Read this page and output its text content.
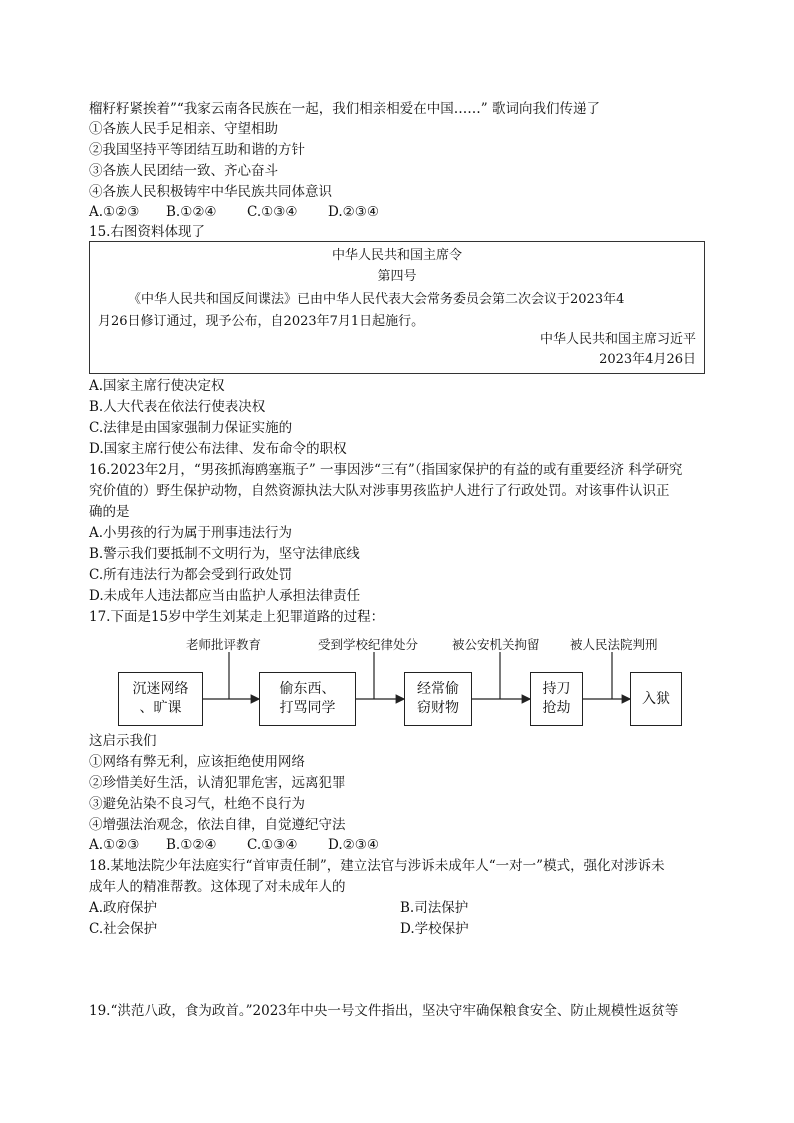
榴籽籽紧挨着”“我家云南各民族在一起，我们相亲相爱在中国……” 歌词向我们传递了
①各族人民手足相亲、守望相助
②我国坚持平等团结互助和谐的方针
③各族人民团结一致、齐心奋斗
④各族人民积极铸牢中华民族共同体意识
A.①②③ B.①②④ C.①③④ D.②③④
15.右图资料体现了
中华人民共和国主席令
第四号
《中华人民共和国反间谍法》已由中华人民代表大会常务委员会第二次会议于2023年4
月26日修订通过，现予公布，自2023年7月1日起施行。
中华人民共和国主席习近平
2023年4月26日
A.国家主席行使决定权
B.人大代表在依法行使表决权
C.法律是由国家强制力保证实施的
D.国家主席行使公布法律、发布命令的职权
16.2023年2月，“男孩抓海鸥塞瓶子” 一事因涉“三有”（指国家保护的有益的或有重要经济 科学研究
究价值的）野生保护动物，自然资源执法大队对涉事男孩监护人进行了行政处罚。对该事件认识正
确的是
A.小男孩的行为属于刑事违法行为
B.警示我们要抵制不文明行为，坚守法律底线
C.所有违法行为都会受到行政处罚
D.未成年人违法都应当由监护人承担法律责任
17.下面是15岁中学生刘某走上犯罪道路的过程：
老师批评教育	受到学校纪律处分	被公安机关拘留 被人民法院判刑
沉迷网络
、旷课
偷东西、
打骂同学
经常偷
窃财物
持刀
抢劫
入狱
这启示我们
①网络有弊无利，应该拒绝使用网络
②珍惜美好生活，认清犯罪危害，远离犯罪
③避免沾染不良习气，杜绝不良行为
④增强法治观念，依法自律，自觉遵纪守法
A.①②③ B.①②④ C.①③④ D.②③④
18.某地法院少年法庭实行“首审责任制”，建立法官与涉诉未成年人“一对一”模式，强化对涉诉未
成年人的精准帮教。这体现了对未成年人的
A.政府保护	B.司法保护
C.社会保护	D.学校保护
19.“洪范八政，食为政首。”2023年中央一号文件指出，坚决守牢确保粮食安全、防止规模性返贫等
